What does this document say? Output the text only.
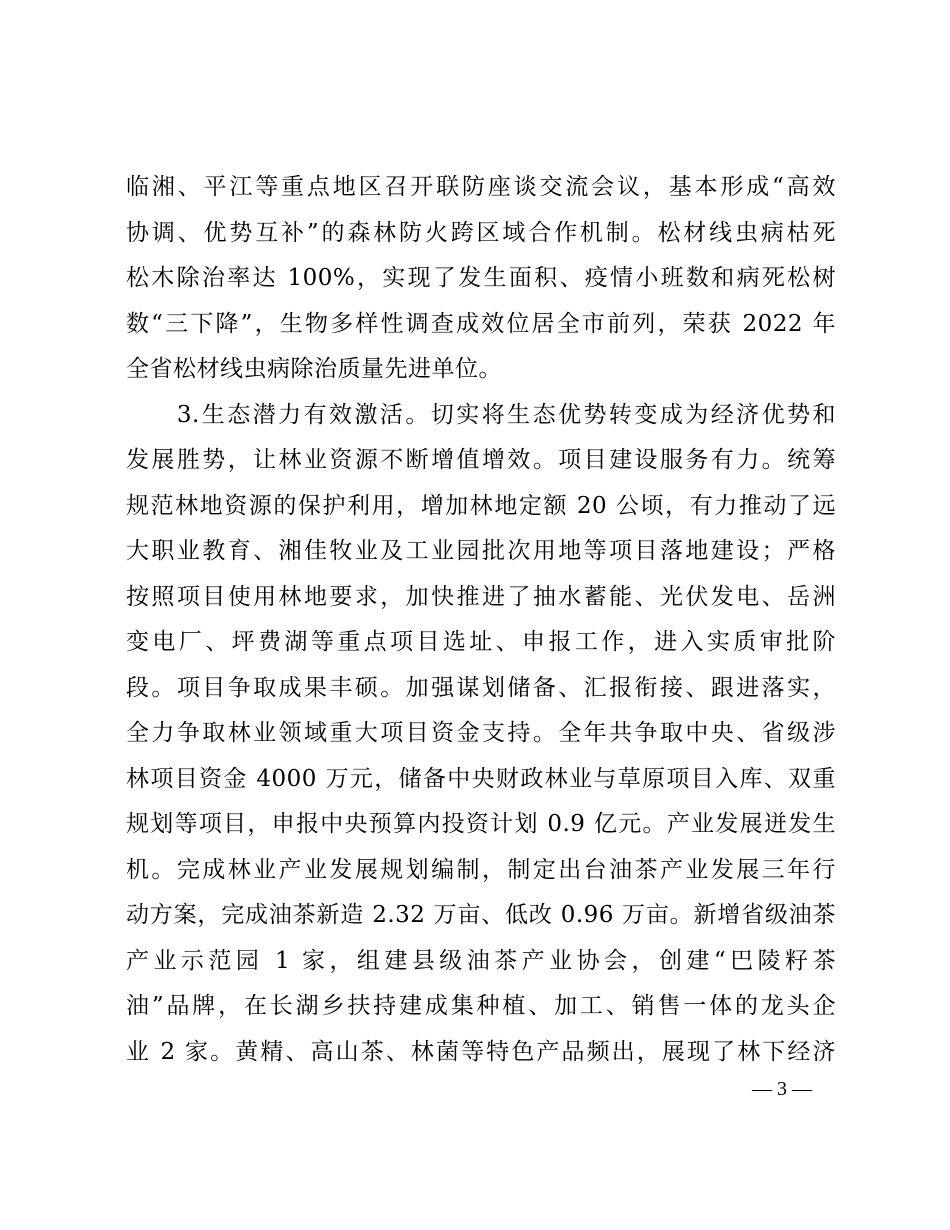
临湘、平江等重点地区召开联防座谈交流会议，基本形成“高效
协调、优势互补”的森林防火跨区域合作机制。松材线虫病枯死
松木除治率达 100%，实现了发生面积、疫情小班数和病死松树
数“三下降”，生物多样性调查成效位居全市前列，荣获 2022 年
全省松材线虫病除治质量先进单位。
　　3.生态潜力有效激活。切实将生态优势转变成为经济优势和
发展胜势，让林业资源不断增值增效。项目建设服务有力。统筹
规范林地资源的保护利用，增加林地定额 20 公顷，有力推动了远
大职业教育、湘佳牧业及工业园批次用地等项目落地建设；严格
按照项目使用林地要求，加快推进了抽水蓄能、光伏发电、岳洲
变电厂、坪费湖等重点项目选址、申报工作，进入实质审批阶
段。项目争取成果丰硕。加强谋划储备、汇报衔接、跟进落实，
全力争取林业领域重大项目资金支持。全年共争取中央、省级涉
林项目资金 4000 万元，储备中央财政林业与草原项目入库、双重
规划等项目，申报中央预算内投资计划 0.9 亿元。产业发展迸发生
机。完成林业产业发展规划编制，制定出台油茶产业发展三年行
动方案，完成油茶新造 2.32 万亩、低改 0.96 万亩。新增省级油茶
产业示范园 1 家，组建县级油茶产业协会，创建“巴陵籽茶
油”品牌，在长湖乡扶持建成集种植、加工、销售一体的龙头企
业 2 家。黄精、高山茶、林菌等特色产品频出，展现了林下经济
— 3 —
